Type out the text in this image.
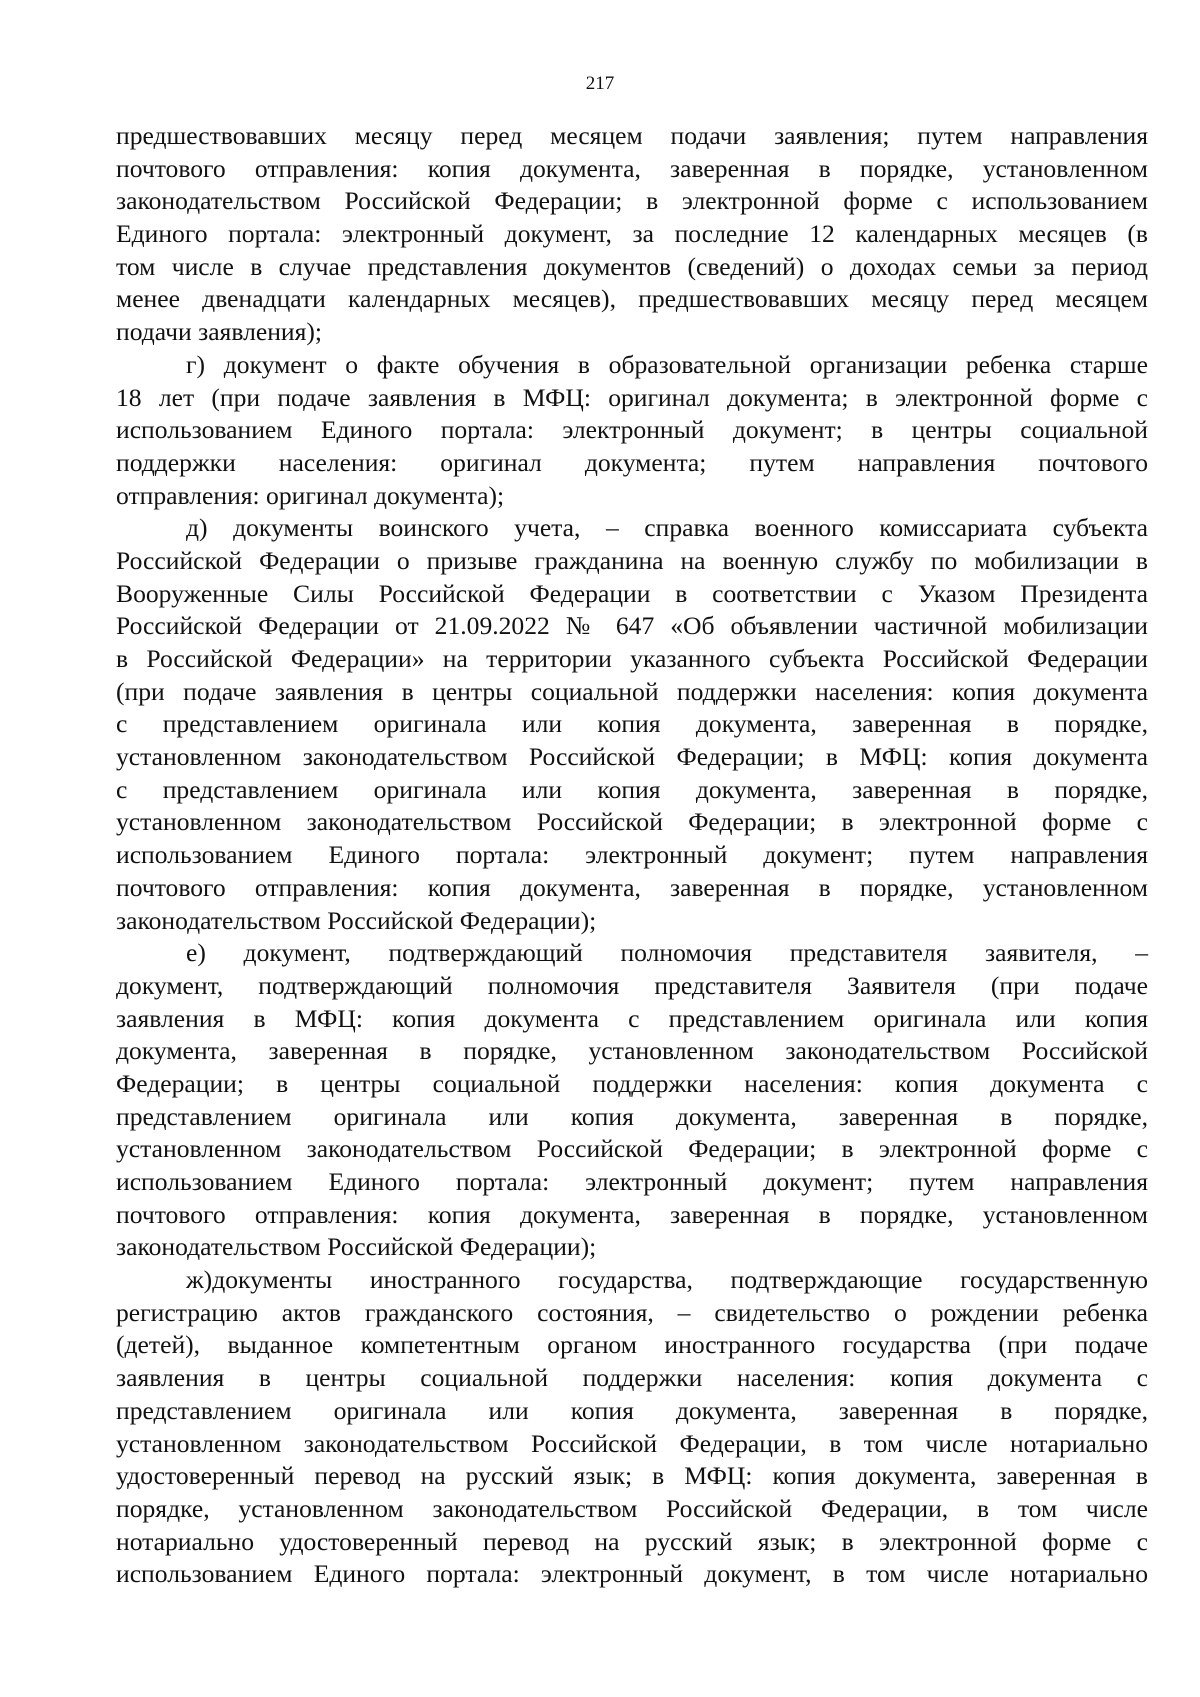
217
предшествовавших месяцу перед месяцем подачи заявления; путем направления
почтового отправления: копия документа, заверенная в порядке, установленном
законодательством Российской Федерации; в электронной форме с использованием
Единого портала: электронный документ, за последние 12 календарных месяцев (в
том числе в случае представления документов (сведений) о доходах семьи за период
менее двенадцати календарных месяцев), предшествовавших месяцу перед месяцем
подачи заявления);
г) документ о факте обучения в образовательной организации ребенка старше
18 лет (при подаче заявления в МФЦ: оригинал документа; в электронной форме с
использованием Единого портала: электронный документ; в центры социальной
поддержки населения: оригинал документа; путем направления почтового
отправления: оригинал документа);
д) документы воинского учета, – справка военного комиссариата субъекта
Российской Федерации о призыве гражданина на военную службу по мобилизации в
Вооруженные Силы Российской Федерации в соответствии с Указом Президента
Российской Федерации от 21.09.2022 № 647 «Об объявлении частичной мобилизации
в Российской Федерации» на территории указанного субъекта Российской Федерации
(при подаче заявления в центры социальной поддержки населения: копия документа
с представлением оригинала или копия документа, заверенная в порядке,
установленном законодательством Российской Федерации; в МФЦ: копия документа
с представлением оригинала или копия документа, заверенная в порядке,
установленном законодательством Российской Федерации; в электронной форме с
использованием Единого портала: электронный документ; путем направления
почтового отправления: копия документа, заверенная в порядке, установленном
законодательством Российской Федерации);
е) документ, подтверждающий полномочия представителя заявителя, –
документ, подтверждающий полномочия представителя Заявителя (при подаче
заявления в МФЦ: копия документа с представлением оригинала или копия
документа, заверенная в порядке, установленном законодательством Российской
Федерации; в центры социальной поддержки населения: копия документа с
представлением оригинала или копия документа, заверенная в порядке,
установленном законодательством Российской Федерации; в электронной форме с
использованием Единого портала: электронный документ; путем направления
почтового отправления: копия документа, заверенная в порядке, установленном
законодательством Российской Федерации);
ж)документы иностранного государства, подтверждающие государственную
регистрацию актов гражданского состояния, – свидетельство о рождении ребенка
(детей), выданное компетентным органом иностранного государства (при подаче
заявления в центры социальной поддержки населения: копия документа с
представлением оригинала или копия документа, заверенная в порядке,
установленном законодательством Российской Федерации, в том числе нотариально
удостоверенный перевод на русский язык; в МФЦ: копия документа, заверенная в
порядке, установленном законодательством Российской Федерации, в том числе
нотариально удостоверенный перевод на русский язык; в электронной форме с
использованием Единого портала: электронный документ, в том числе нотариально
